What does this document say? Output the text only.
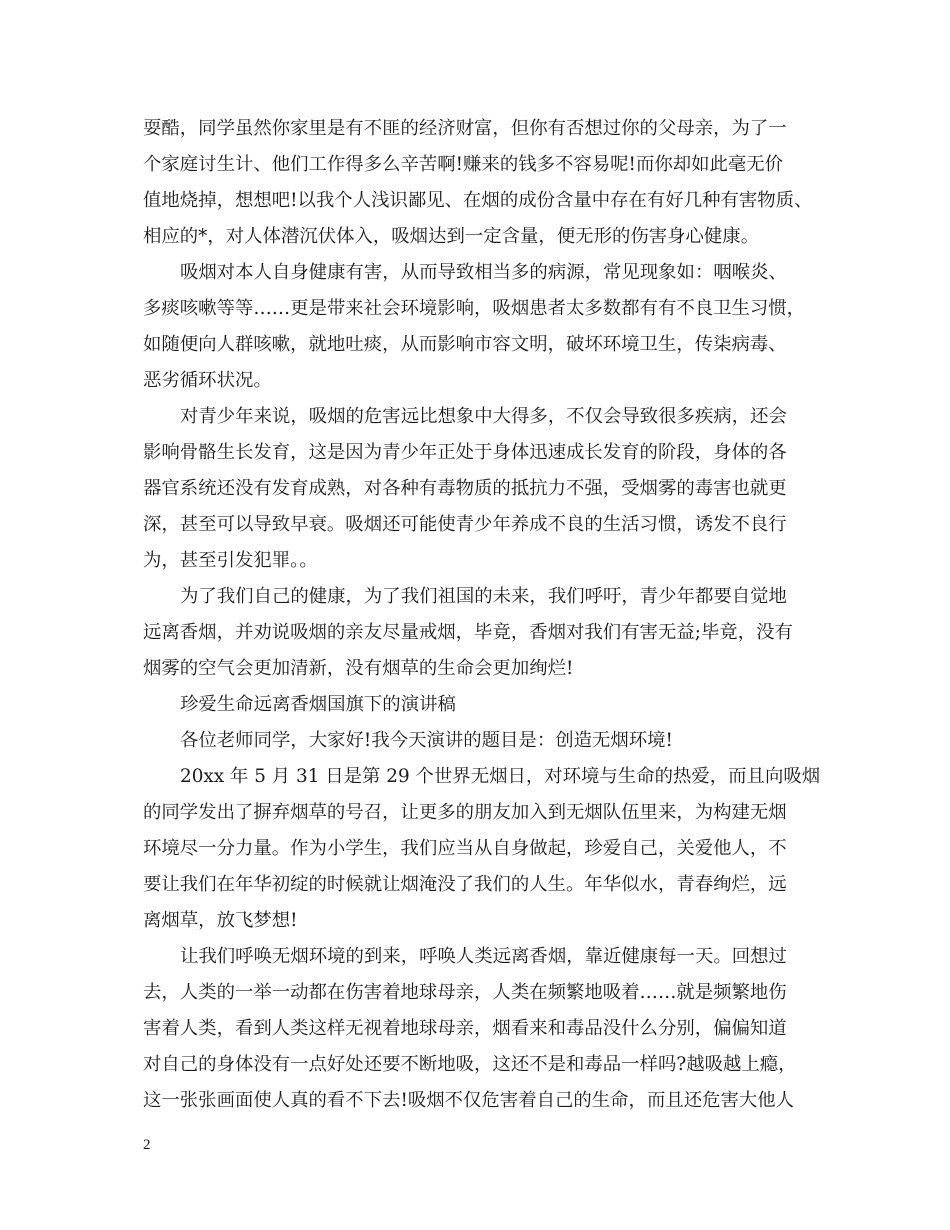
耍酷，同学虽然你家里是有不匪的经济财富，但你有否想过你的父母亲，为了一
个家庭讨生计、他们工作得多么辛苦啊!赚来的钱多不容易呢!而你却如此毫无价
值地烧掉，想想吧!以我个人浅识鄙见、在烟的成份含量中存在有好几种有害物质、
相应的*，对人体潜沉伏体入，吸烟达到一定含量，便无形的伤害身心健康。
吸烟对本人自身健康有害，从而导致相当多的病源，常见现象如：咽喉炎、
多痰咳嗽等等……更是带来社会环境影响，吸烟患者太多数都有有不良卫生习惯，
如随便向人群咳嗽，就地吐痰，从而影响市容文明，破坏环境卫生，传柒病毒、
恶劣循环状况。
对青少年来说，吸烟的危害远比想象中大得多，不仅会导致很多疾病，还会
影响骨骼生长发育，这是因为青少年正处于身体迅速成长发育的阶段，身体的各
器官系统还没有发育成熟，对各种有毒物质的抵抗力不强，受烟雾的毒害也就更
深，甚至可以导致早衰。吸烟还可能使青少年养成不良的生活习惯，诱发不良行
为，甚至引发犯罪。。
为了我们自己的健康，为了我们祖国的未来，我们呼吁，青少年都要自觉地
远离香烟，并劝说吸烟的亲友尽量戒烟，毕竟，香烟对我们有害无益;毕竟，没有
烟雾的空气会更加清新，没有烟草的生命会更加绚烂!
珍爱生命远离香烟国旗下的演讲稿
各位老师同学，大家好!我今天演讲的题目是：创造无烟环境!
20xx 年 5 月 31 日是第 29 个世界无烟日，对环境与生命的热爱，而且向吸烟
的同学发出了摒弃烟草的号召，让更多的朋友加入到无烟队伍里来，为构建无烟
环境尽一分力量。作为小学生，我们应当从自身做起，珍爱自己，关爱他人，不
要让我们在年华初绽的时候就让烟淹没了我们的人生。年华似水，青春绚烂，远
离烟草，放飞梦想!
让我们呼唤无烟环境的到来，呼唤人类远离香烟，靠近健康每一天。回想过
去，人类的一举一动都在伤害着地球母亲，人类在频繁地吸着……就是频繁地伤
害着人类，看到人类这样无视着地球母亲，烟看来和毒品没什么分别，偏偏知道
对自己的身体没有一点好处还要不断地吸，这还不是和毒品一样吗?越吸越上瘾，
这一张张画面使人真的看不下去!吸烟不仅危害着自己的生命，而且还危害大他人
2
